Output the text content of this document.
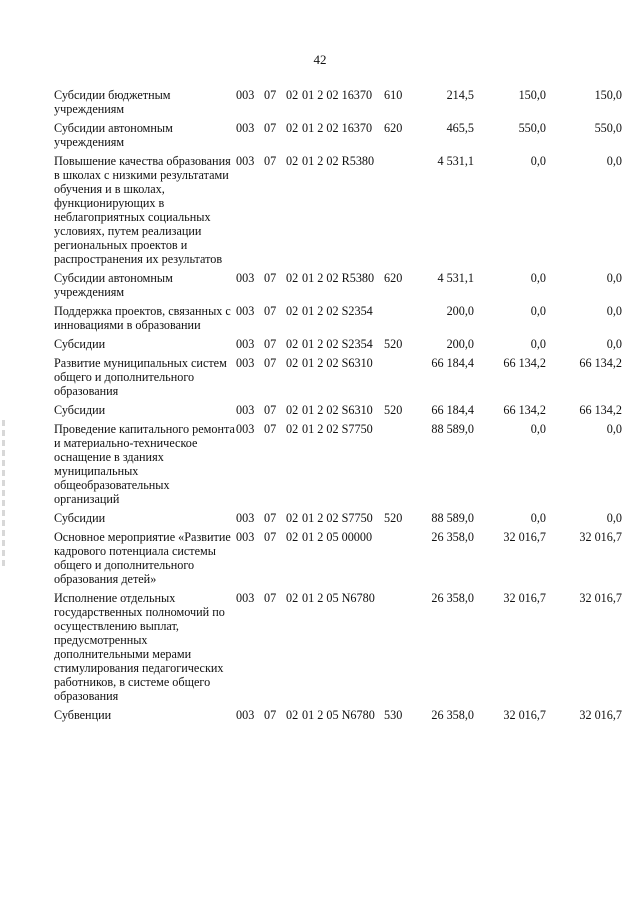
42
Субсидии бюджетным учреждениям	003	07	02	01 2 02 16370	610	214,5	150,0	150,0
Субсидии автономным учреждениям	003	07	02	01 2 02 16370	620	465,5	550,0	550,0
Повышение качества образования в школах с низкими результатами обучения и в школах, функционирующих в неблагоприятных социальных условиях, путем реализации региональных проектов и распространения их результатов	003	07	02	01 2 02 R5380		4 531,1	0,0	0,0
Субсидии автономным учреждениям	003	07	02	01 2 02 R5380	620	4 531,1	0,0	0,0
Поддержка проектов, связанных с инновациями в образовании	003	07	02	01 2 02 S2354		200,0	0,0	0,0
Субсидии	003	07	02	01 2 02 S2354	520	200,0	0,0	0,0
Развитие муниципальных систем общего и дополнительного образования	003	07	02	01 2 02 S6310		66 184,4	66 134,2	66 134,2
Субсидии	003	07	02	01 2 02 S6310	520	66 184,4	66 134,2	66 134,2
Проведение капитального ремонта и материально-техническое оснащение в зданиях муниципальных общеобразовательных организаций	003	07	02	01 2 02 S7750		88 589,0	0,0	0,0
Субсидии	003	07	02	01 2 02 S7750	520	88 589,0	0,0	0,0
Основное мероприятие «Развитие кадрового потенциала системы общего и дополнительного образования детей»	003	07	02	01 2 05 00000		26 358,0	32 016,7	32 016,7
Исполнение отдельных государственных полномочий по осуществлению выплат, предусмотренных дополнительными мерами стимулирования педагогических работников, в системе общего образования	003	07	02	01 2 05 N6780		26 358,0	32 016,7	32 016,7
Субвенции	003	07	02	01 2 05 N6780	530	26 358,0	32 016,7	32 016,7
